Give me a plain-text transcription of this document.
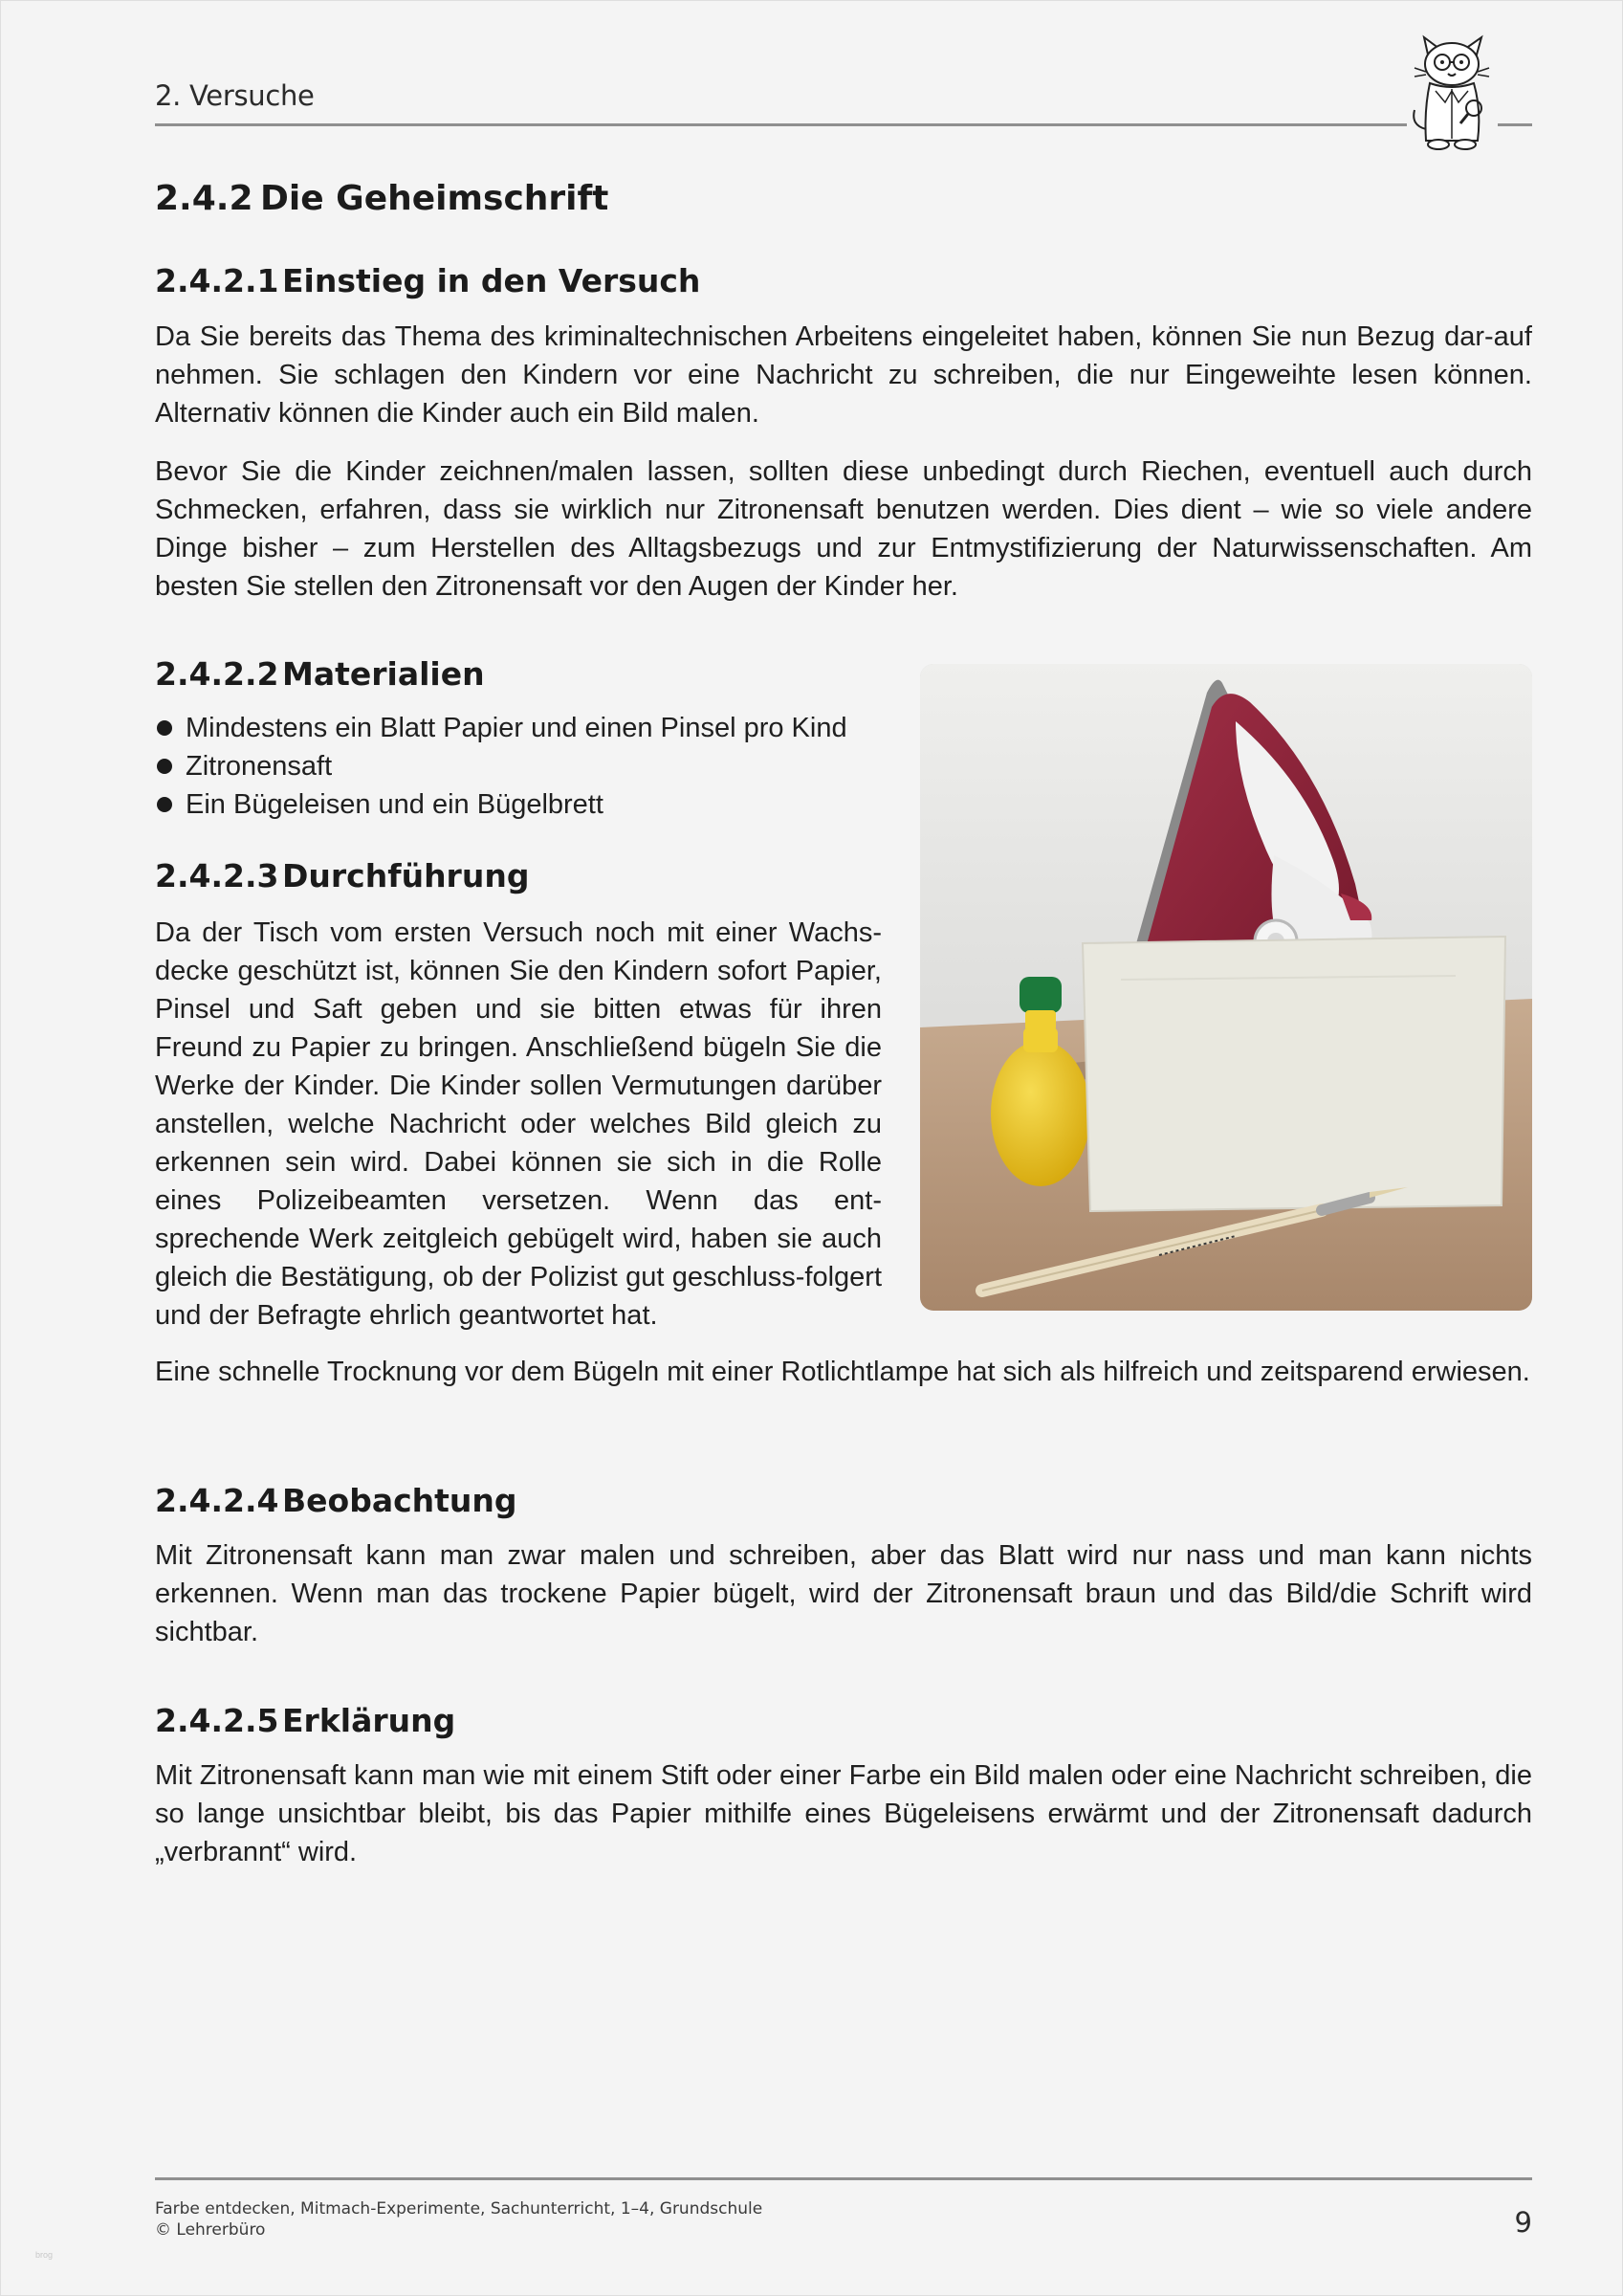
2. Versuche
2.4.2 Die Geheimschrift
2.4.2.1 Einstieg in den Versuch

Da Sie bereits das Thema des kriminaltechnischen Arbeitens eingeleitet haben, können Sie nun Bezug dar-auf nehmen. Sie schlagen den Kindern vor eine Nachricht zu schreiben, die nur Eingeweihte lesen können. Alternativ können die Kinder auch ein Bild malen.

Bevor Sie die Kinder zeichnen/malen lassen, sollten diese unbedingt durch Riechen, eventuell auch durch Schmecken, erfahren, dass sie wirklich nur Zitronensaft benutzen werden. Dies dient – wie so viele andere Dinge bisher – zum Herstellen des Alltagsbezugs und zur Entmystifizierung der Naturwissenschaften. Am besten Sie stellen den Zitronensaft vor den Augen der Kinder her.

2.4.2.2 Materialien
Mindestens ein Blatt Papier und einen Pinsel pro Kind
Zitronensaft
Ein Bügeleisen und ein Bügelbrett
2.4.2.3 Durchführung

Da der Tisch vom ersten Versuch noch mit einer Wachs-decke geschützt ist, können Sie den Kindern sofort Papier, Pinsel und Saft geben und sie bitten etwas für ihren Freund zu Papier zu bringen. Anschließend bügeln Sie die Werke der Kinder. Die Kinder sollen Vermutungen darüber anstellen, welche Nachricht oder welches Bild gleich zu erkennen sein wird. Dabei können sie sich in die Rolle eines Polizeibeamten versetzen. Wenn das ent-sprechende Werk zeitgleich gebügelt wird, haben sie auch gleich die Bestätigung, ob der Polizist gut geschluss-folgert und der Befragte ehrlich geantwortet hat.

Eine schnelle Trocknung vor dem Bügeln mit einer Rotlichtlampe hat sich als hilfreich und zeitsparend erwiesen.

2.4.2.4 Beobachtung

Mit Zitronensaft kann man zwar malen und schreiben, aber das Blatt wird nur nass und man kann nichts erkennen. Wenn man das trockene Papier bügelt, wird der Zitronensaft braun und das Bild/die Schrift wird sichtbar.

2.4.2.5 Erklärung

Mit Zitronensaft kann man wie mit einem Stift oder einer Farbe ein Bild malen oder eine Nachricht schreiben, die so lange unsichtbar bleibt, bis das Papier mithilfe eines Bügeleisens erwärmt und der Zitronensaft dadurch „verbrannt“ wird.

Farbe entdecken, Mitmach-Experimente, Sachunterricht, 1–4, Grundschule
© Lehrerbüro	9
brog
